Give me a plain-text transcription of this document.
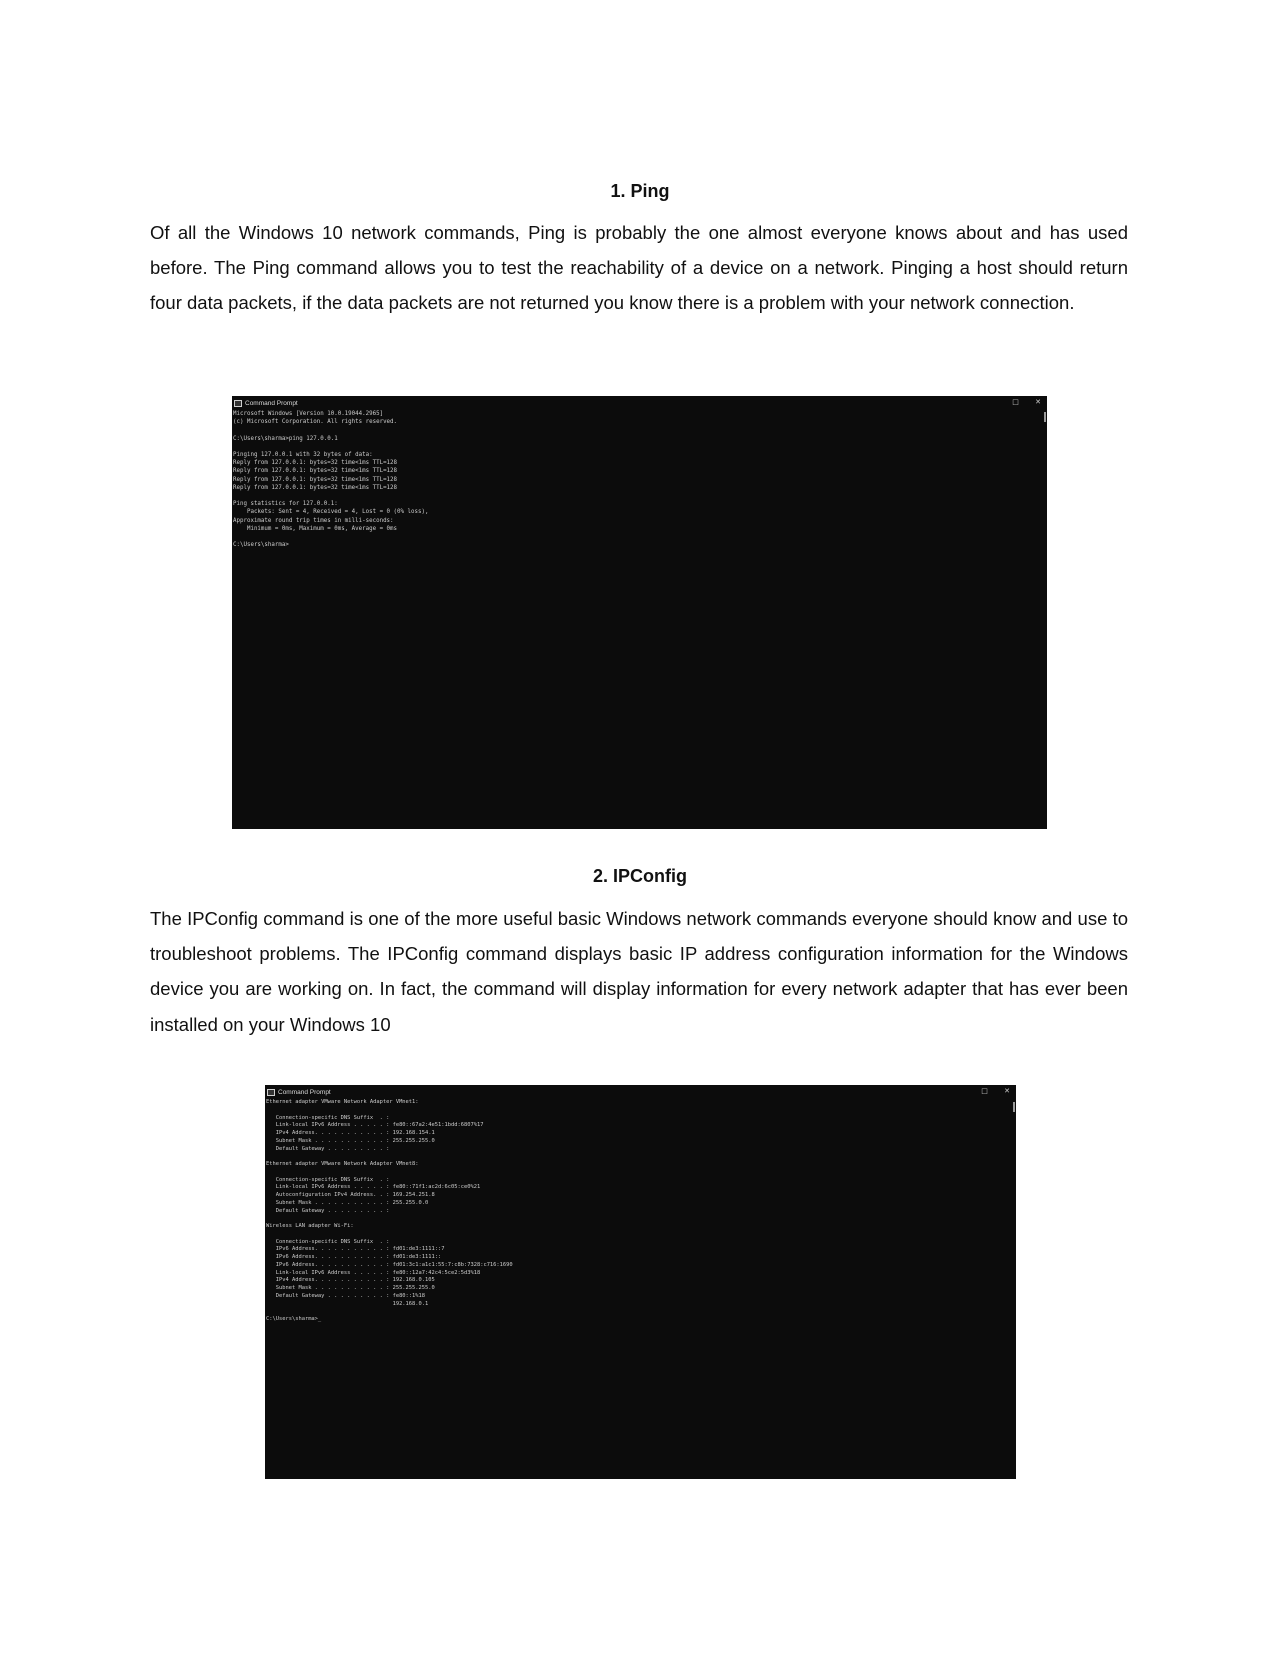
1. Ping

Of all the Windows 10 network commands, Ping is probably the one almost everyone knows about and has used before. The Ping command allows you to test the reachability of a device on a network. Pinging a host should return four data packets, if the data packets are not returned you know there is a problem with your network connection.

Command Prompt	□ ✕
Microsoft Windows [Version 10.0.19044.2965]
(c) Microsoft Corporation. All rights reserved.

C:\Users\sharma>ping 127.0.0.1

Pinging 127.0.0.1 with 32 bytes of data:
Reply from 127.0.0.1: bytes=32 time<1ms TTL=128
Reply from 127.0.0.1: bytes=32 time<1ms TTL=128
Reply from 127.0.0.1: bytes=32 time<1ms TTL=128
Reply from 127.0.0.1: bytes=32 time<1ms TTL=128

Ping statistics for 127.0.0.1:
Packets: Sent = 4, Received = 4, Lost = 0 (0% loss),
Approximate round trip times in milli-seconds:
Minimum = 0ms, Maximum = 0ms, Average = 0ms

C:\Users\sharma>
2. IPConfig

The IPConfig command is one of the more useful basic Windows network commands everyone should know and use to troubleshoot problems. The IPConfig command displays basic IP address configuration information for the Windows device you are working on. In fact, the command will display information for every network adapter that has ever been installed on your Windows 10

Command Prompt	□ ✕
Ethernet adapter VMware Network Adapter VMnet1:

Connection-specific DNS Suffix  . :
Link-local IPv6 Address . . . . . : fe80::67a2:4e51:1bdd:6807%17
IPv4 Address. . . . . . . . . . . : 192.168.154.1
Subnet Mask . . . . . . . . . . . : 255.255.255.0
Default Gateway . . . . . . . . . :

Ethernet adapter VMware Network Adapter VMnet8:

Connection-specific DNS Suffix  . :
Link-local IPv6 Address . . . . . : fe80::71f1:ac2d:6c05:ce0%21
Autoconfiguration IPv4 Address. . : 169.254.251.8
Subnet Mask . . . . . . . . . . . : 255.255.0.0
Default Gateway . . . . . . . . . :

Wireless LAN adapter Wi-Fi:

Connection-specific DNS Suffix  . :
IPv6 Address. . . . . . . . . . . : fd01:de3:1111::7
IPv6 Address. . . . . . . . . . . : fd01:de3:1111::
IPv6 Address. . . . . . . . . . . : fd01:3c1:a1c1:55:7:c8b:7328:c716:1690
Link-local IPv6 Address . . . . . : fe80::12a7:42c4:5ce2:5d3%18
IPv4 Address. . . . . . . . . . . : 192.168.0.105
Subnet Mask . . . . . . . . . . . : 255.255.255.0
Default Gateway . . . . . . . . . : fe80::1%18
192.168.0.1

C:\Users\sharma>_
